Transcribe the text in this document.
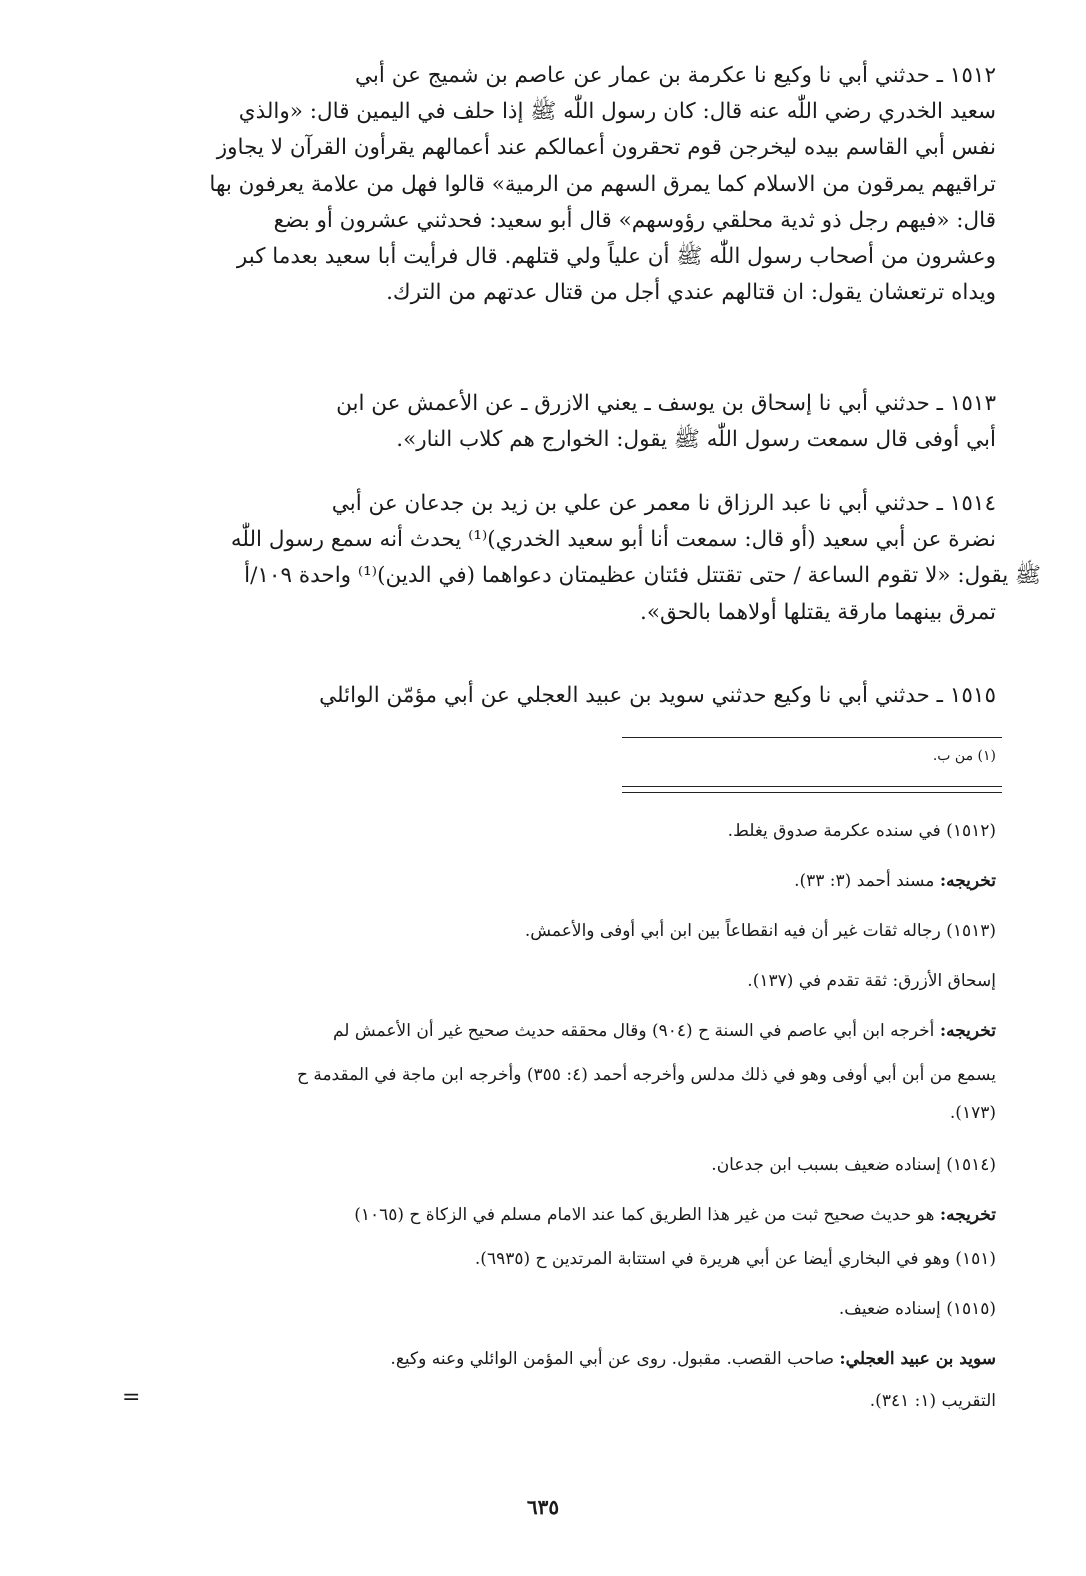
١٥١٢ ـ حدثني أبي نا وكيع نا عكرمة بن عمار عن عاصم بن شميج عن أبي
سعيد الخدري رضي اللّٰه عنه قال: كان رسول اللّٰه ﷺ إذا حلف في اليمين قال: «والذي
نفس أبي القاسم بيده ليخرجن قوم تحقرون أعمالكم عند أعمالهم يقرأون القرآن لا يجاوز
تراقيهم يمرقون من الاسلام كما يمرق السهم من الرمية» قالوا فهل من علامة يعرفون بها
قال: «فيهم رجل ذو ثدية محلقي رؤوسهم» قال أبو سعيد: فحدثني عشرون أو بضع
وعشرون من أصحاب رسول اللّٰه ﷺ أن علياً ولي قتلهم. قال فرأيت أبا سعيد بعدما كبر
ويداه ترتعشان يقول: ان قتالهم عندي أجل من قتال عدتهم من الترك.
١٥١٣ ـ حدثني أبي نا إسحاق بن يوسف ـ يعني الازرق ـ عن الأعمش عن ابن
أبي أوفى قال سمعت رسول اللّٰه ﷺ يقول: الخوارج هم كلاب النار».
١٥١٤ ـ حدثني أبي نا عبد الرزاق نا معمر عن علي بن زيد بن جدعان عن أبي
نضرة عن أبي سعيد (أو قال: سمعت أنا أبو سعيد الخدري)⁽¹⁾ يحدث أنه سمع رسول اللّٰه
ﷺ يقول: «لا تقوم الساعة / حتى تقتتل فئتان عظيمتان دعواهما (في الدين)⁽¹⁾ واحدة ١٠٩/أ
تمرق بينهما مارقة يقتلها أولاهما بالحق».
١٥١٥ ـ حدثني أبي نا وكيع حدثني سويد بن عبيد العجلي عن أبي مؤمّن الوائلي
(١) من ب.
(١٥١٢) في سنده عكرمة صدوق يغلط.
تخريجه: مسند أحمد (٣: ٣٣).
(١٥١٣) رجاله ثقات غير أن فيه انقطاعاً بين ابن أبي أوفى والأعمش.
إسحاق الأزرق: ثقة تقدم في (١٣٧).
تخريجه: أخرجه ابن أبي عاصم في السنة ح (٩٠٤) وقال محققه حديث صحيح غير أن الأعمش لم
يسمع من أبن أبي أوفى وهو في ذلك مدلس وأخرجه أحمد (٤: ٣٥٥) وأخرجه ابن ماجة في المقدمة ح
(١٧٣).
(١٥١٤) إسناده ضعيف بسبب ابن جدعان.
تخريجه: هو حديث صحيح ثبت من غير هذا الطريق كما عند الامام مسلم في الزكاة ح (١٠٦٥)
(١٥١) وهو في البخاري أيضا عن أبي هريرة في استتابة المرتدين ح (٦٩٣٥).
(١٥١٥) إسناده ضعيف.
سويد بن عبيد العجلي: صاحب القصب. مقبول. روى عن أبي المؤمن الوائلي وعنه وكيع.
التقريب (١: ٣٤١).
=
٦٣٥
